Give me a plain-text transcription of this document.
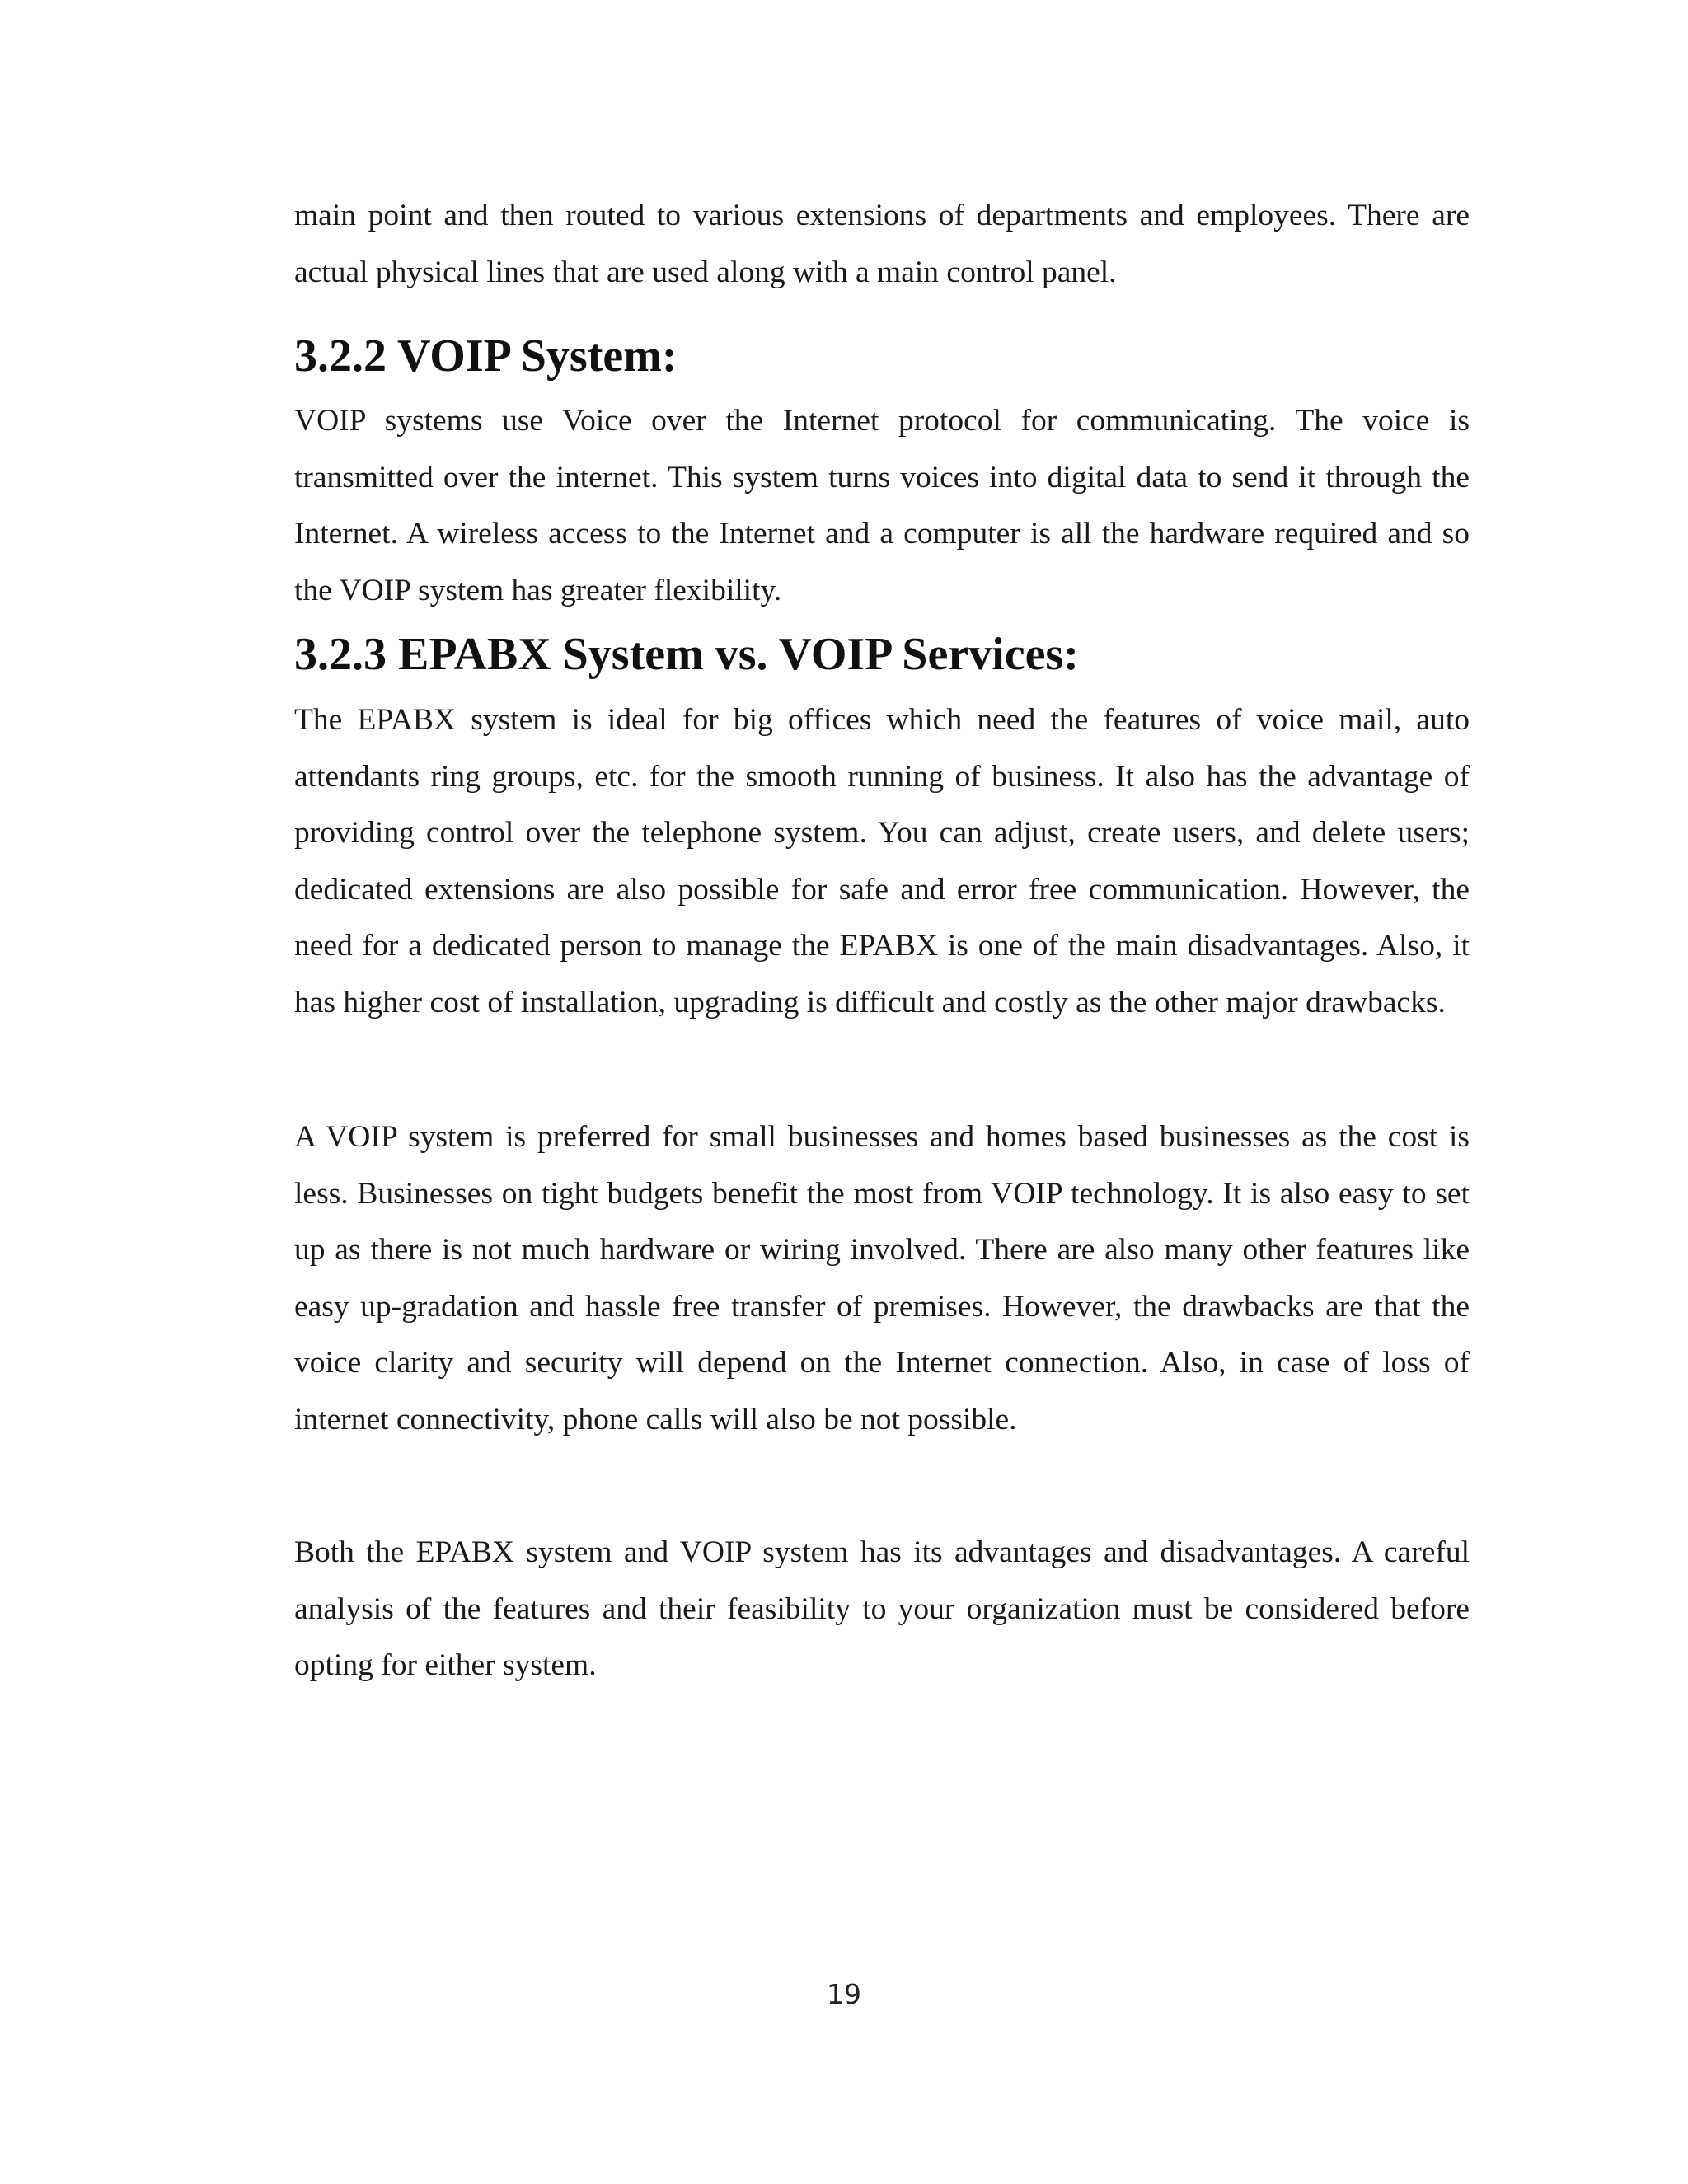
main point and then routed to various extensions of departments and employees. There are actual physical lines that are used along with a main control panel.

3.2.2 VOIP System:

VOIP systems use Voice over the Internet protocol for communicating. The voice is transmitted over the internet. This system turns voices into digital data to send it through the Internet. A wireless access to the Internet and a computer is all the hardware required and so the VOIP system has greater flexibility.

3.2.3 EPABX System vs. VOIP Services:

The EPABX system is ideal for big offices which need the features of voice mail, auto attendants ring groups, etc. for the smooth running of business. It also has the advantage of providing control over the telephone system. You can adjust, create users, and delete users; dedicated extensions are also possible for safe and error free communication. However, the need for a dedicated person to manage the EPABX is one of the main disadvantages. Also, it has higher cost of installation, upgrading is difficult and costly as the other major drawbacks.

A VOIP system is preferred for small businesses and homes based businesses as the cost is less. Businesses on tight budgets benefit the most from VOIP technology. It is also easy to set up as there is not much hardware or wiring involved. There are also many other features like easy up-gradation and hassle free transfer of premises. However, the drawbacks are that the voice clarity and security will depend on the Internet connection. Also, in case of loss of internet connectivity, phone calls will also be not possible.

Both the EPABX system and VOIP system has its advantages and disadvantages. A careful analysis of the features and their feasibility to your organization must be considered before opting for either system.

19
